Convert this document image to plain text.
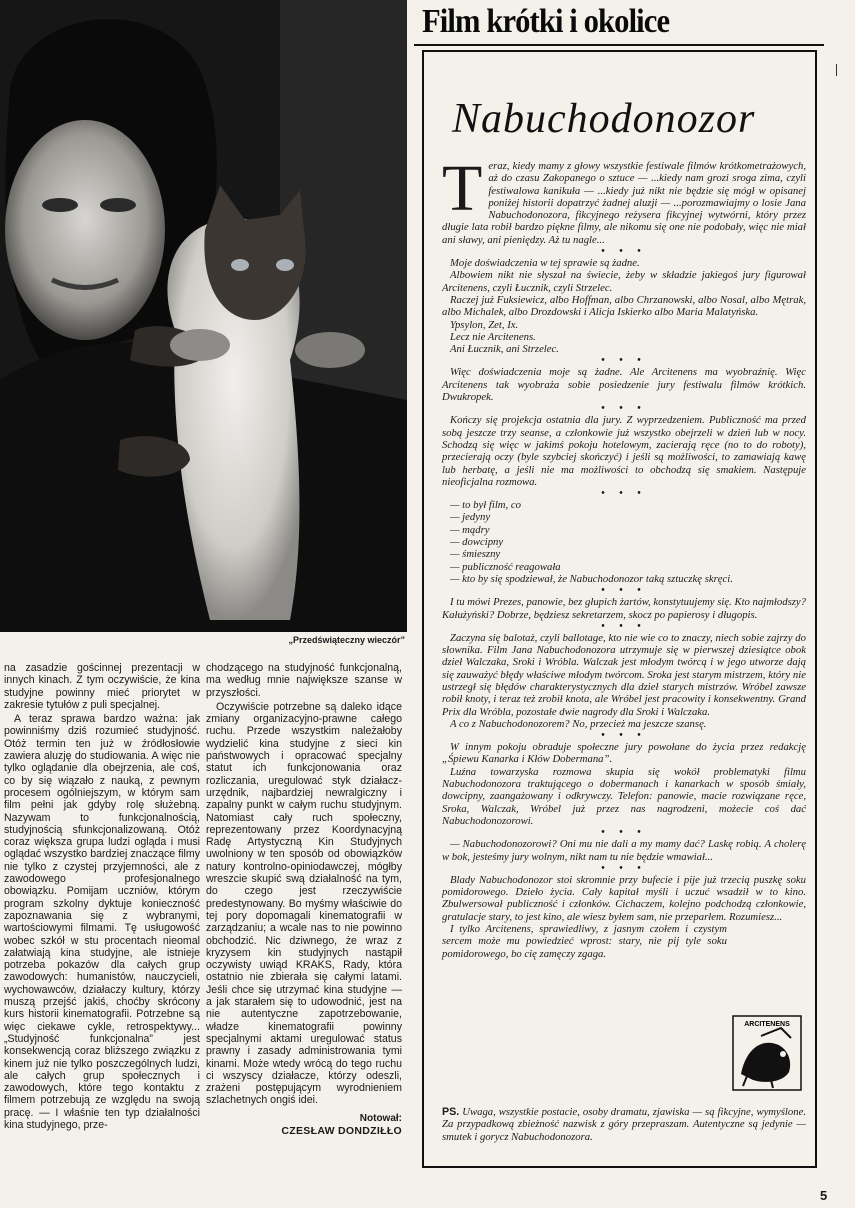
„Przedświąteczny wieczór”

na zasadzie gościnnej prezentacji w innych kinach. Z tym oczywiście, że kina studyjne powinny mieć priorytet w zakresie tytułów z puli specjalnej.

A teraz sprawa bardzo ważna: jak powinniśmy dziś rozumieć studyjność. Otóż termin ten już w źródłosłowie zawiera aluzję do studiowania. A więc nie tylko oglądanie dla obejrzenia, ale coś, co by się wiązało z nauką, z pewnym procesem ogólniejszym, w którym sam film pełni jak gdyby rolę służebną. Nazywam to funkcjonalnością, studyjnością sfunkcjonalizowaną. Otóż coraz większa grupa ludzi ogląda i musi oglądać wszystko bardziej znaczące filmy nie tylko z czystej przyjemności, ale z zawodowego profesjonalnego obowiązku. Pomijam uczniów, którym program szkolny dyktuje konieczność zapoznawania się z wybranymi, wartościowymi filmami. Tę usługowość wobec szkół w stu procentach nieomal załatwiają kina studyjne, ale istnieje potrzeba pokazów dla całych grup zawodowych: humanistów, nauczycieli, wychowawców, działaczy kultury, którzy muszą przejść jakiś, choćby skrócony kurs historii kinematografii. Potrzebne są więc ciekawe cykle, retrospektywy... „Studyjność funkcjonalna” jest konsekwencją coraz bliższego związku z kinem już nie tylko poszczególnych ludzi, ale całych grup społecznych i zawodowych, które tego kontaktu z filmem potrzebują ze względu na swoją pracę. — I właśnie ten typ działalności kina studyjnego, prze-

chodzącego na studyjność funkcjonalną, ma według mnie największe szanse w przyszłości.

Oczywiście potrzebne są daleko idące zmiany organizacyjno-prawne całego ruchu. Przede wszystkim należałoby wydzielić kina studyjne z sieci kin państwowych i opracować specjalny statut ich funkcjonowania oraz rozliczania, uregulować styk działacz-urzędnik, najbardziej newralgiczny i zapalny punkt w całym ruchu studyjnym. Natomiast cały ruch społeczny, reprezentowany przez Koordynacyjną Radę Artystyczną Kin Studyjnych uwolniony w ten sposób od obowiązków natury kontrolno-opiniodawczej, mógłby wreszcie skupić swą działalność na tym, do czego jest rzeczywiście predestynowany. Bo myśmy właściwie do tej pory dopomagali kinematografii w zarządzaniu; a wcale nas to nie powinno obchodzić. Nic dziwnego, że wraz z kryzysem kin studyjnych nastąpił oczywisty uwiąd KRAKS, Rady, która ostatnio nie zbierała się całymi latami. Jeśli chce się utrzymać kina studyjne — a jak starałem się to udowodnić, jest na nie autentyczne zapotrzebowanie, władze kinematografii powinny specjalnymi aktami uregulować status prawny i zasady administrowania tymi kinami. Może wtedy wrócą do tego ruchu ci wszyscy działacze, którzy odeszli, zrażeni postępującym wyrodnieniem szlachetnych ongiś idei.

Notował:
CZESŁAW DONDZIŁŁO
Film krótki i okolice
Nabuchodonozor

Teraz, kiedy mamy z głowy wszystkie festiwale filmów krótkometrażowych, aż do czasu Zakopanego o sztuce — ...kiedy nam grozi sroga zima, czyli festiwalowa kanikuła — ...kiedy już nikt nie będzie się mógł w opisanej poniżej historii dopatrzyć żadnej aluzji — ...porozmawiajmy o losie Jana Nabuchodonozora, fikcyjnego reżysera fikcyjnej wytwórni, który przez długie lata robił bardzo piękne filmy, ale nikomu się one nie podobały, więc nie miał ani sławy, ani pieniędzy. Aż tu nagle...

• • •

Moje doświadczenia w tej sprawie są żadne.

Albowiem nikt nie słyszał na świecie, żeby w składzie jakiegoś jury figurował Arcitenens, czyli Łucznik, czyli Strzelec.

Raczej już Fuksiewicz, albo Hoffman, albo Chrzanowski, albo Nosal, albo Mętrak, albo Michalek, albo Drozdowski i Alicja Iskierko albo Maria Malatyńska.

Ypsylon, Zet, Ix.

Lecz nie Arcitenens.

Ani Łucznik, ani Strzelec.

• • •

Więc doświadczenia moje są żadne. Ale Arcitenens ma wyobraźnię. Więc Arcitenens tak wyobraża sobie posiedzenie jury festiwalu filmów krótkich. Dwukropek.

• • •

Kończy się projekcja ostatnia dla jury. Z wyprzedzeniem. Publiczność ma przed sobą jeszcze trzy seanse, a członkowie już wszystko obejrzeli w dzień lub w nocy. Schodzą się więc w jakimś pokoju hotelowym, zacierają ręce (no to do roboty), przecierają oczy (byle szybciej skończyć) i jeśli są możliwości, to zamawiają kawę lub herbatę, a jeśli nie ma możliwości to obchodzą się smakiem. Następuje nieoficjalna rozmowa.

• • •
— to był film, co
— jedyny
— mądry
— dowcipny
— śmieszny
— publiczność reagowała
— kto by się spodziewał, że Nabuchodonozor taką sztuczkę skręci.
• • •

I tu mówi Prezes, panowie, bez głupich żartów, konstytuujemy się. Kto najmłodszy? Kałużyński? Dobrze, będziesz sekretarzem, skocz po papierosy i długopis.

• • •

Zaczyna się balotaż, czyli ballotage, kto nie wie co to znaczy, niech sobie zajrzy do słownika. Film Jana Nabuchodonozora utrzymuje się w pierwszej dziesiątce obok dzieł Walczaka, Sroki i Wróbla. Walczak jest młodym twórcą i w jego utworze dają się zauważyć błędy właściwe młodym twórcom. Sroka jest starym mistrzem, który nie ustrzegł się błędów charakterystycznych dla dzieł starych mistrzów. Wróbel zawsze robił knoty, i teraz też zrobił knota, ale Wróbel jest pracowity i konsekwentny. Grand Prix dla Wróbla, pozostałe dwie nagrody dla Sroki i Walczaka.

A co z Nabuchodonozorem? No, przecież ma jeszcze szansę.

• • •

W innym pokoju obraduje społeczne jury powołane do życia przez redakcję „Śpiewu Kanarka i Kłów Dobermana”.

Luźna towarzyska rozmowa skupia się wokół problematyki filmu Nabuchodonozora traktującego o dobermanach i kanarkach w sposób śmiały, dowcipny, zaangażowany i odkrywczy. Telefon: panowie, macie rozwiązane ręce, Sroka, Walczak, Wróbel już przez nas nagrodzeni, możecie coś dać Nabuchodonozorowi.

• • •

— Nabuchodonozorowi? Oni mu nie dali a my mamy dać? Laskę robią. A cholerę w bok, jesteśmy jury wolnym, nikt nam tu nie będzie wmawiał...

• • •

Blady Nabuchodonozor stoi skromnie przy bufecie i pije już trzecią puszkę soku pomidorowego. Dzieło życia. Cały kapitał myśli i uczuć wsadził w to kino. Zbulwersował publiczność i członków. Cichaczem, kolejno podchodzą członkowie, gratulacje stary, to jest kino, ale wiesz byłem sam, nie przeparłem. Rozumiesz...

I tylko Arcitenens, sprawiedliwy, z jasnym czołem i czystym sercem może mu powiedzieć wprost: stary, nie pij tyle soku pomidorowego, bo cię zamęczy zgaga.

ARCITENENS
PS. Uwaga, wszystkie postacie, osoby dramatu, zjawiska — są fikcyjne, wymyślone. Za przypadkową zbieżność nazwisk z góry przepraszam. Autentyczne są jedynie — smutek i gorycz Nabuchodonozora.
5
